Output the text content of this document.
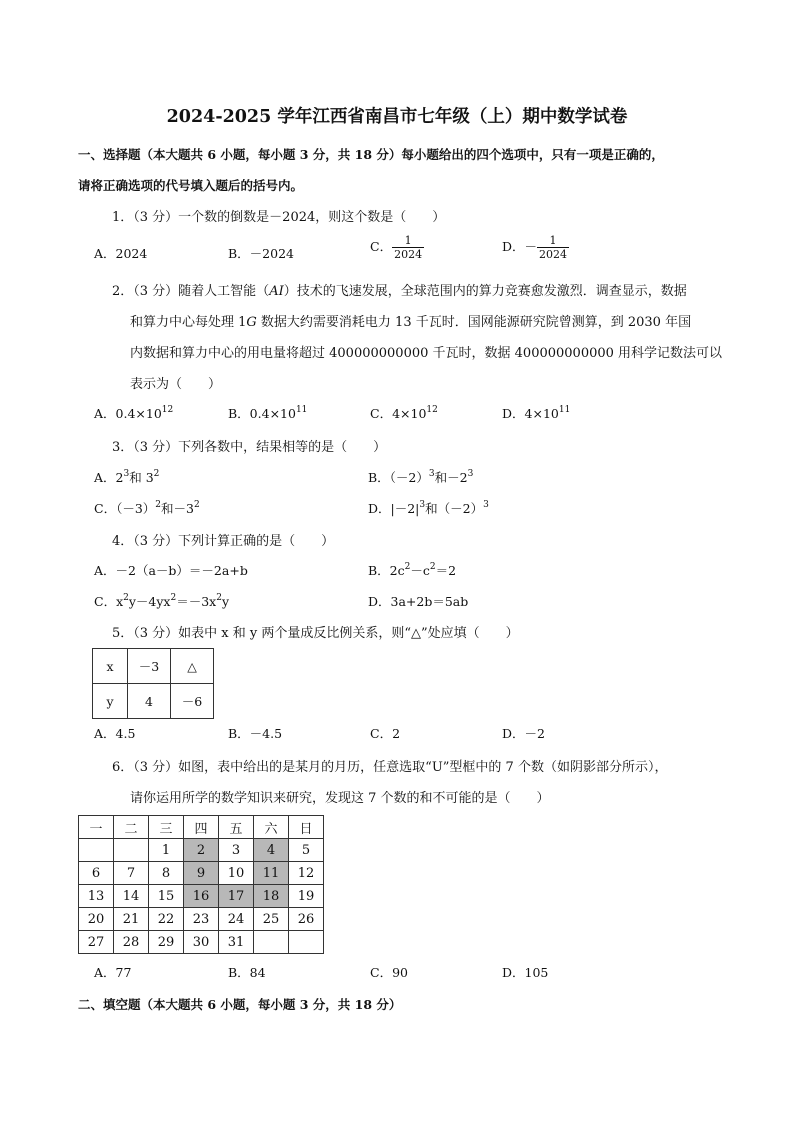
2024-2025 学年江西省南昌市七年级（上）期中数学试卷
一、选择题（本大题共 6 小题，每小题 3 分，共 18 分）每小题给出的四个选项中，只有一项是正确的，
请将正确选项的代号填入题后的括号内。
1．（3 分）一个数的倒数是－2024，则这个数是（　　）
A．2024	B．－2024	C． $\frac{1}{2024}$	D．－ $\frac{1}{2024}$
2．（3 分）随着人工智能（AI）技术的飞速发展，全球范围内的算力竞赛愈发激烈．调查显示，数据
和算力中心每处理 1G 数据大约需要消耗电力 13 千瓦时．国网能源研究院曾测算，到 2030 年国
内数据和算力中心的用电量将超过 400000000000 千瓦时，数据 400000000000 用科学记数法可以
表示为（　　）
A．$0.4\times 10^{12}$	B．$0.4\times 10^{11}$	C．$4\times 10^{12}$	D．$4\times 10^{11}$
3．（3 分）下列各数中，结果相等的是（　　）
A．$2^3$和 $3^2$	B．$(-2)^3$和$-2^3$
C．$(-3)^2$和$-3^2$	D．$|-2|^3$和$(-2)^3$
4．（3 分）下列计算正确的是（　　）
A．－2（a－b）＝－2a+b	B．$2c^2-c^2=2$
C．$x^2y-4yx^2=-3x^2y$	D．3a+2b＝5ab
5．（3 分）如表中 x 和 y 两个量成反比例关系，则“△”处应填（　　）
x	－3	△
y	4	－6
A．4.5	B．－4.5	C．2	D．－2
6．（3 分）如图，表中给出的是某月的月历，任意选取“U”型框中的 7 个数（如阴影部分所示），
请你运用所学的数学知识来研究，发现这 7 个数的和不可能的是（　　）
一	二	三	四	五	六	日
		1	2	3	4	5
6	7	8	9	10	11	12
13	14	15	16	17	18	19
20	21	22	23	24	25	26
27	28	29	30	31		
A．77	B．84	C．90	D．105
二、填空题（本大题共 6 小题，每小题 3 分，共 18 分）
